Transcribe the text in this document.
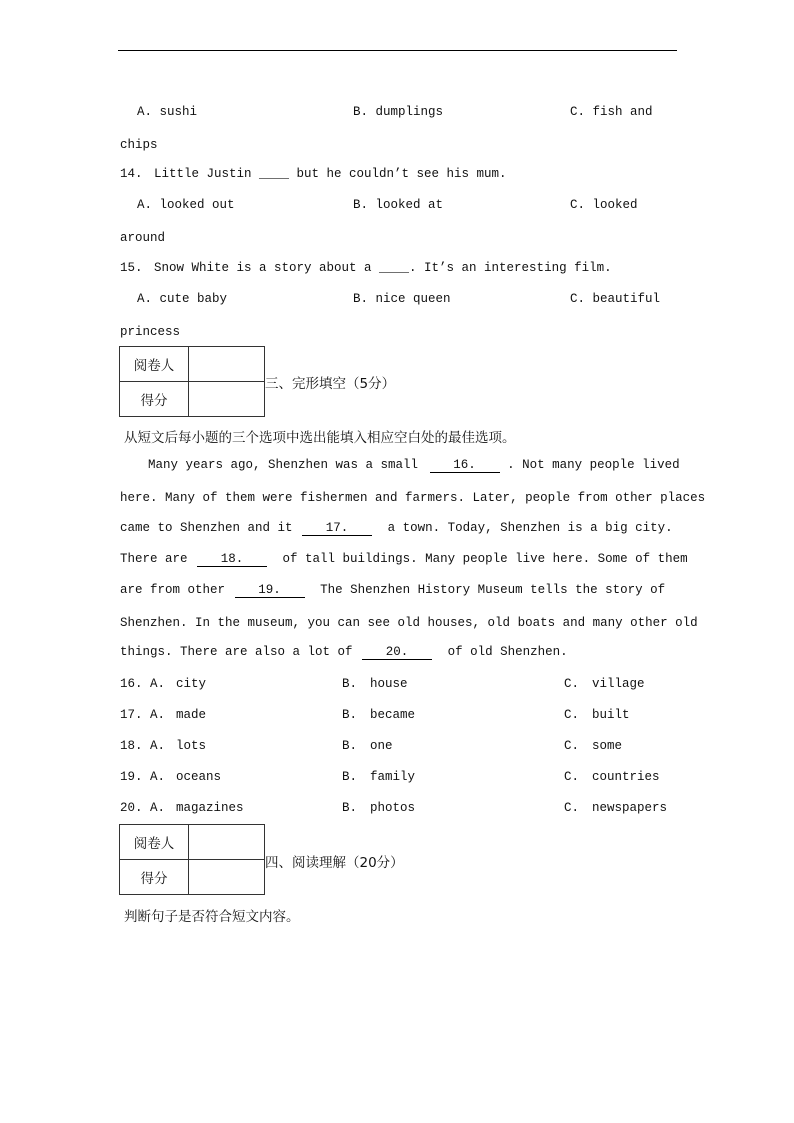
A. sushi	B. dumplings	C. fish and
chips
14. Little Justin ____ but he couldn’t see his mum.
A. looked out	B. looked at	C. looked
around
15. Snow White is a story about a ____. It’s an interesting film.
A. cute baby	B. nice queen	C. beautiful
princess
阅卷人	
得分	
三、完形填空（5分）
从短文后每小题的三个选项中选出能填入相应空白处的最佳选项。
Many years ago, Shenzhen was a small	16.	. Not many people lived
here. Many of them were fishermen and farmers. Later, people from other places
came to Shenzhen and it	17.	a town. Today, Shenzhen is a big city.
There are	18.	of tall buildings. Many people live here. Some of them
are from other	19.	The Shenzhen History Museum tells the story of
Shenzhen. In the museum, you can see old houses, old boats and many other old
things. There are also a lot of	20.	of old Shenzhen.
16. A. city	B. house	C. village
17. A. made	B. became	C. built
18. A. lots	B. one	C. some
19. A. oceans	B. family	C. countries
20. A. magazines	B. photos	C. newspapers
阅卷人	
得分	
四、阅读理解（20分）
判断句子是否符合短文内容。
